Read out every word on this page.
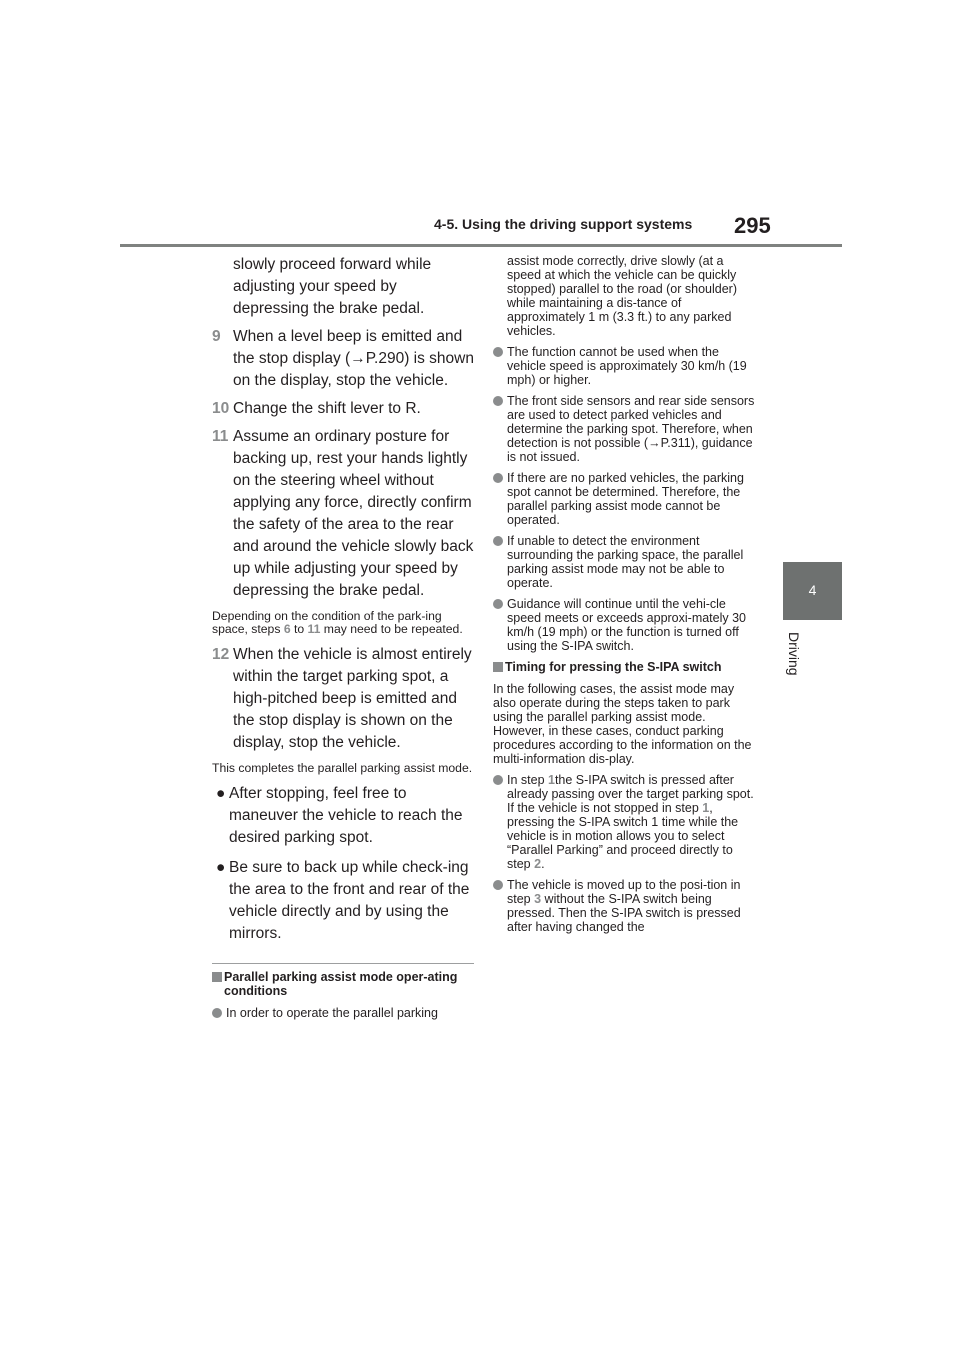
4-5. Using the driving support systems 295
4
Driving

slowly proceed forward while adjusting your speed by depressing the brake pedal.

9 When a level beep is emitted and the stop display (→P.290) is shown on the display, stop the vehicle.
10 Change the shift lever to R.
11 Assume an ordinary posture for backing up, rest your hands lightly on the steering wheel without applying any force, directly confirm the safety of the area to the rear and around the vehicle slowly back up while adjusting your speed by depressing the brake pedal.

Depending on the condition of the park-ing space, steps 6 to 11 may need to be repeated.

12 When the vehicle is almost entirely within the target parking spot, a high-pitched beep is emitted and the stop display is shown on the display, stop the vehicle.

This completes the parallel parking assist mode.

● After stopping, feel free to maneuver the vehicle to reach the desired parking spot.
● Be sure to back up while check-ing the area to the front and rear of the vehicle directly and by using the mirrors.
Parallel parking assist mode oper-ating conditions
In order to operate the parallel parking

assist mode correctly, drive slowly (at a speed at which the vehicle can be quickly stopped) parallel to the road (or shoulder) while maintaining a dis-tance of approximately 1 m (3.3 ft.) to any parked vehicles.

The function cannot be used when the vehicle speed is approximately 30 km/h (19 mph) or higher.
The front side sensors and rear side sensors are used to detect parked vehicles and determine the parking spot. Therefore, when detection is not possible (→P.311), guidance is not issued.
If there are no parked vehicles, the parking spot cannot be determined. Therefore, the parallel parking assist mode cannot be operated.
If unable to detect the environment surrounding the parking space, the parallel parking assist mode may not be able to operate.
Guidance will continue until the vehi-cle speed meets or exceeds approxi-mately 30 km/h (19 mph) or the function is turned off using the S-IPA switch.
Timing for pressing the S-IPA switch

In the following cases, the assist mode may also operate during the steps taken to park using the parallel parking assist mode. However, in these cases, conduct parking procedures according to the information on the multi-information dis-play.

In step 1the S-IPA switch is pressed after already passing over the target parking spot.
If the vehicle is not stopped in step 1, pressing the S-IPA switch 1 time while the vehicle is in motion allows you to select “Parallel Parking” and proceed directly to step 2.
The vehicle is moved up to the posi-tion in step 3 without the S-IPA switch being pressed. Then the S-IPA switch is pressed after having changed the
